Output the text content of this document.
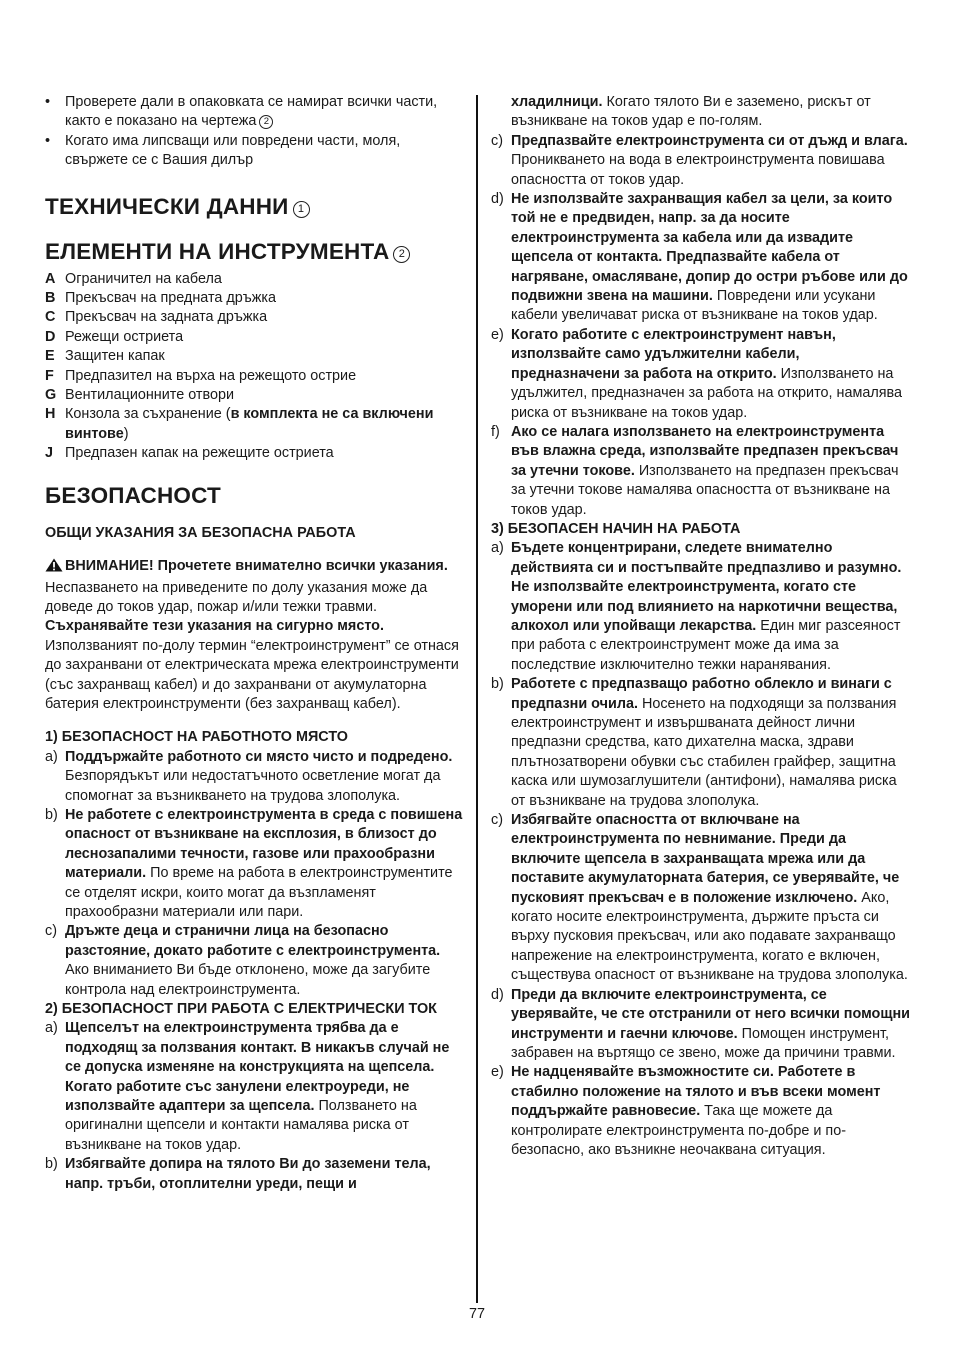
• Проверете дали в опаковката се намират всички части, както е показано на чертежа 2
• Когато има липсващи или повредени части, моля, свържете се с Вашия дилър
ТЕХНИЧЕСКИ ДАННИ 1
ЕЛЕМЕНТИ НА ИНСТРУМЕНТА 2
A Ограничител на кабела
B Прекъсвач на предната дръжка
C Прекъсвач на задната дръжка
D Режещи остриета
E Защитен капак
F Предпазител на върха на режещото острие
G Вентилационните отвори
H Конзола за съхранение (в комплекта не са включени винтове)
J Предпазен капак на режещите остриета
БЕЗОПАСНОСТ
ОБЩИ УКАЗАНИЯ ЗА БЕЗОПАСНА РАБОТА
ВНИМАНИЕ! Прочетете внимателно всички указания. Неспазването на приведените по долу указания може да доведе до токов удар, пожар и/или тежки травми. Съхранявайте тези указания на сигурно място. Използваният по-долу термин “електроинструмент” се отнася до захранвани от електрическата мрежа електроинструменти (със захранващ кабел) и до захранвани от акумулаторна батерия електроинструменти (без захранващ кабел).
1) БЕЗОПАСНОСТ НА РАБОТНОТО МЯСТО
a) Поддържайте работното си място чисто и подредено. Безпорядъкът или недостатъчното осветление могат да спомогнат за възникването на трудова злополука.
b) Не работете с електроинструмента в среда с повишена опасност от възникване на експлозия, в близост до леснозапалими течности, газове или прахообразни материали. По време на работа в електроинструментите се отделят искри, които могат да възпламенят прахообразни материали или пари.
c) Дръжте деца и странични лица на безопасно разстояние, докато работите с електроинструмента. Ако вниманието Ви бъде отклонено, може да загубите контрола над електроинструмента.
2) БЕЗОПАСНОСТ ПРИ РАБОТА С ЕЛЕКТРИЧЕСКИ ТОК
a) Щепселът на електроинструмента трябва да е подходящ за ползвания контакт. В никакъв случай не се допуска изменяне на конструкцията на щепсела. Когато работите със занулени електроуреди, не използвайте адаптери за щепсела. Ползването на оригинални щепсели и контакти намалява риска от възникване на токов удар.
b) Избягвайте допира на тялото Ви до заземени тела, напр. тръби, отоплителни уреди, пещи и
хладилници. Когато тялото Ви е заземено, рискът от възникване на токов удар е по-голям.
c) Предпазвайте електроинструмента си от дъжд и влага. Проникването на вода в електроинструмента повишава опасността от токов удар.
d) Не използвайте захранващия кабел за цели, за които той не е предвиден, напр. за да носите електроинструмента за кабела или да извадите щепсела от контакта. Предпазвайте кабела от нагряване, омасляване, допир до остри ръбове или до подвижни звена на машини. Повредени или усукани кабели увеличават риска от възникване на токов удар.
e) Когато работите с електроинструмент навън, използвайте само удължителни кабели, предназначени за работа на открито. Използването на удължител, предназначен за работа на открито, намалява риска от възникване на токов удар.
f) Ако се налага използването на електроинструмента във влажна среда, използвайте предпазен прекъсвач за утечни токове. Използването на предпазен прекъсвач за утечни токове намалява опасността от възникване на токов удар.
3) БЕЗОПАСЕН НАЧИН НА РАБОТА
a) Бъдете концентрирани, следете внимателно действията си и постъпвайте предпазливо и разумно. Не използвайте електроинструмента, когато сте уморени или под влиянието на наркотични вещества, алкохол или упойващи лекарства. Един миг разсеяност при работа с електроинструмент може да има за последствие изключително тежки наранявания.
b) Работете с предпазващо работно облекло и винаги с предпазни очила. Носенето на подходящи за ползвания електроинструмент и извършваната дейност лични предпазни средства, като дихателна маска, здрави плътнозатворени обувки със стабилен грайфер, защитна каска или шумозаглушители (антифони), намалява риска от възникване на трудова злополука.
c) Избягвайте опасността от включване на електроинструмента по невнимание. Преди да включите щепсела в захранващата мрежа или да поставите акумулаторната батерия, се уверявайте, че пусковият прекъсвач е в положение изключено. Ако, когато носите електроинструмента, държите пръста си върху пусковия прекъсвач, или ако подавате захранващо напрежение на електроинструмента, когато е включен, съществува опасност от възникване на трудова злополука.
d) Преди да включите електроинструмента, се уверявайте, че сте отстранили от него всички помощни инструменти и гаечни ключове. Помощен инструмент, забравен на въртящо се звено, може да причини травми.
e) Не надценявайте възможностите си. Работете в стабилно положение на тялото и във всеки момент поддържайте равновесие. Така ще можете да контролирате електроинструмента по-добре и по-безопасно, ако възникне неочаквана ситуация.
77
